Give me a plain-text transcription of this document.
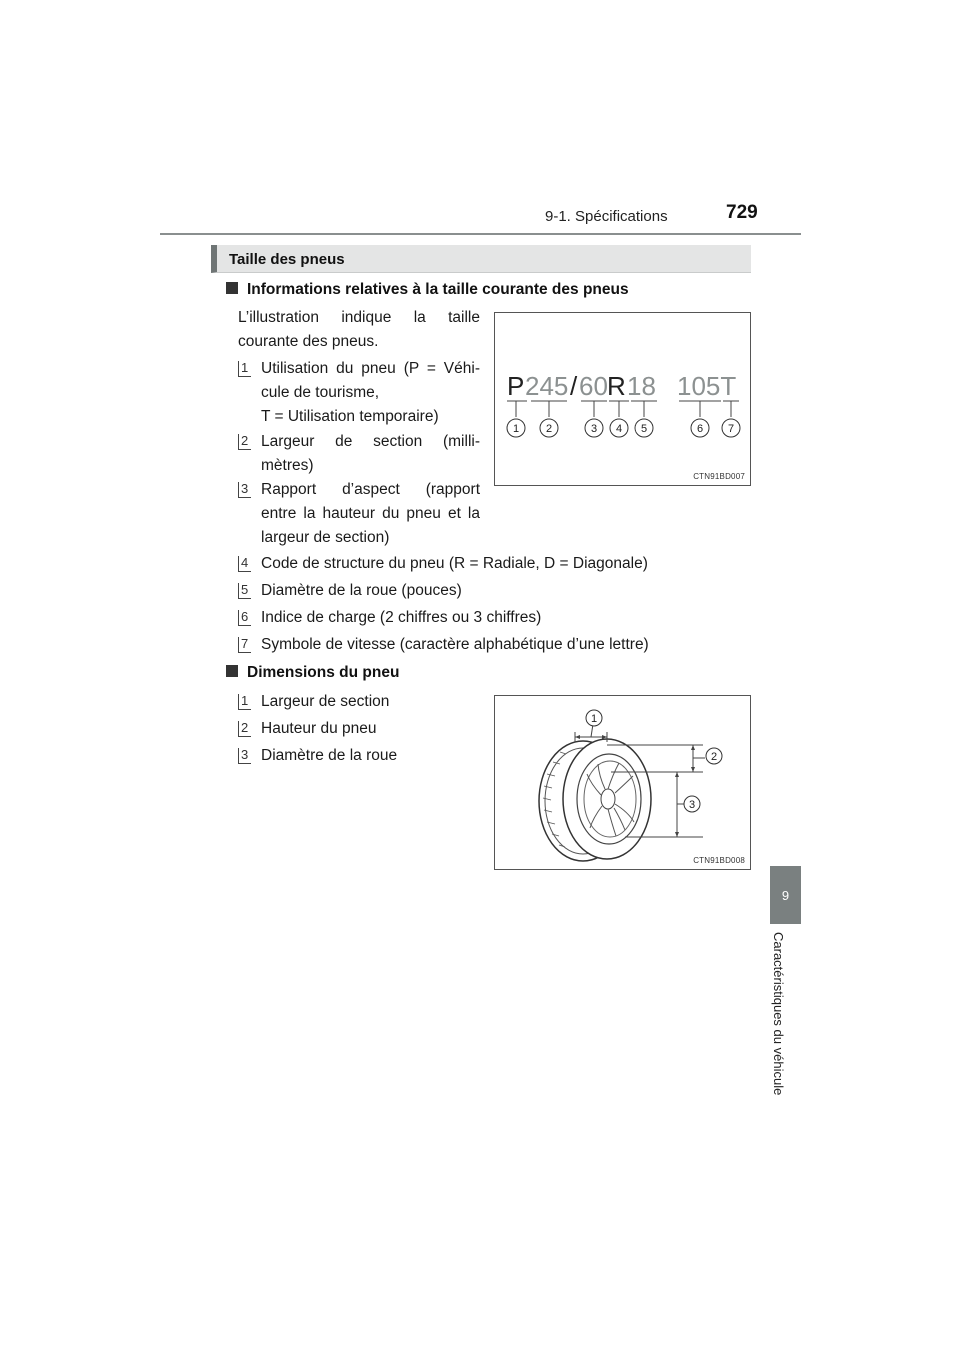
9-1. Spécifications	729
9
Caractéristiques du véhicule
Taille des pneus
Informations relatives à la taille courante des pneus
L’illustration indique la taille
courante des pneus.
1 Utilisation du pneu (P = Véhi-
cule de tourisme,
T = Utilisation temporaire)
2 Largeur de section (milli-
mètres)
3 Rapport d’aspect (rapport
entre la hauteur du pneu et la
largeur de section)
4 Code de structure du pneu (R = Radiale, D = Diagonale)
5 Diamètre de la roue (pouces)
6 Indice de charge (2 chiffres ou 3 chiffres)
7 Symbole de vitesse (caractère alphabétique d’une lettre)
P 245 / 60 R 18 105T
1 2	3 4 5	6 7
CTN91BD007
Dimensions du pneu
1 Largeur de section
2 Hauteur du pneu
3 Diamètre de la roue
1
2
3
CTN91BD008
